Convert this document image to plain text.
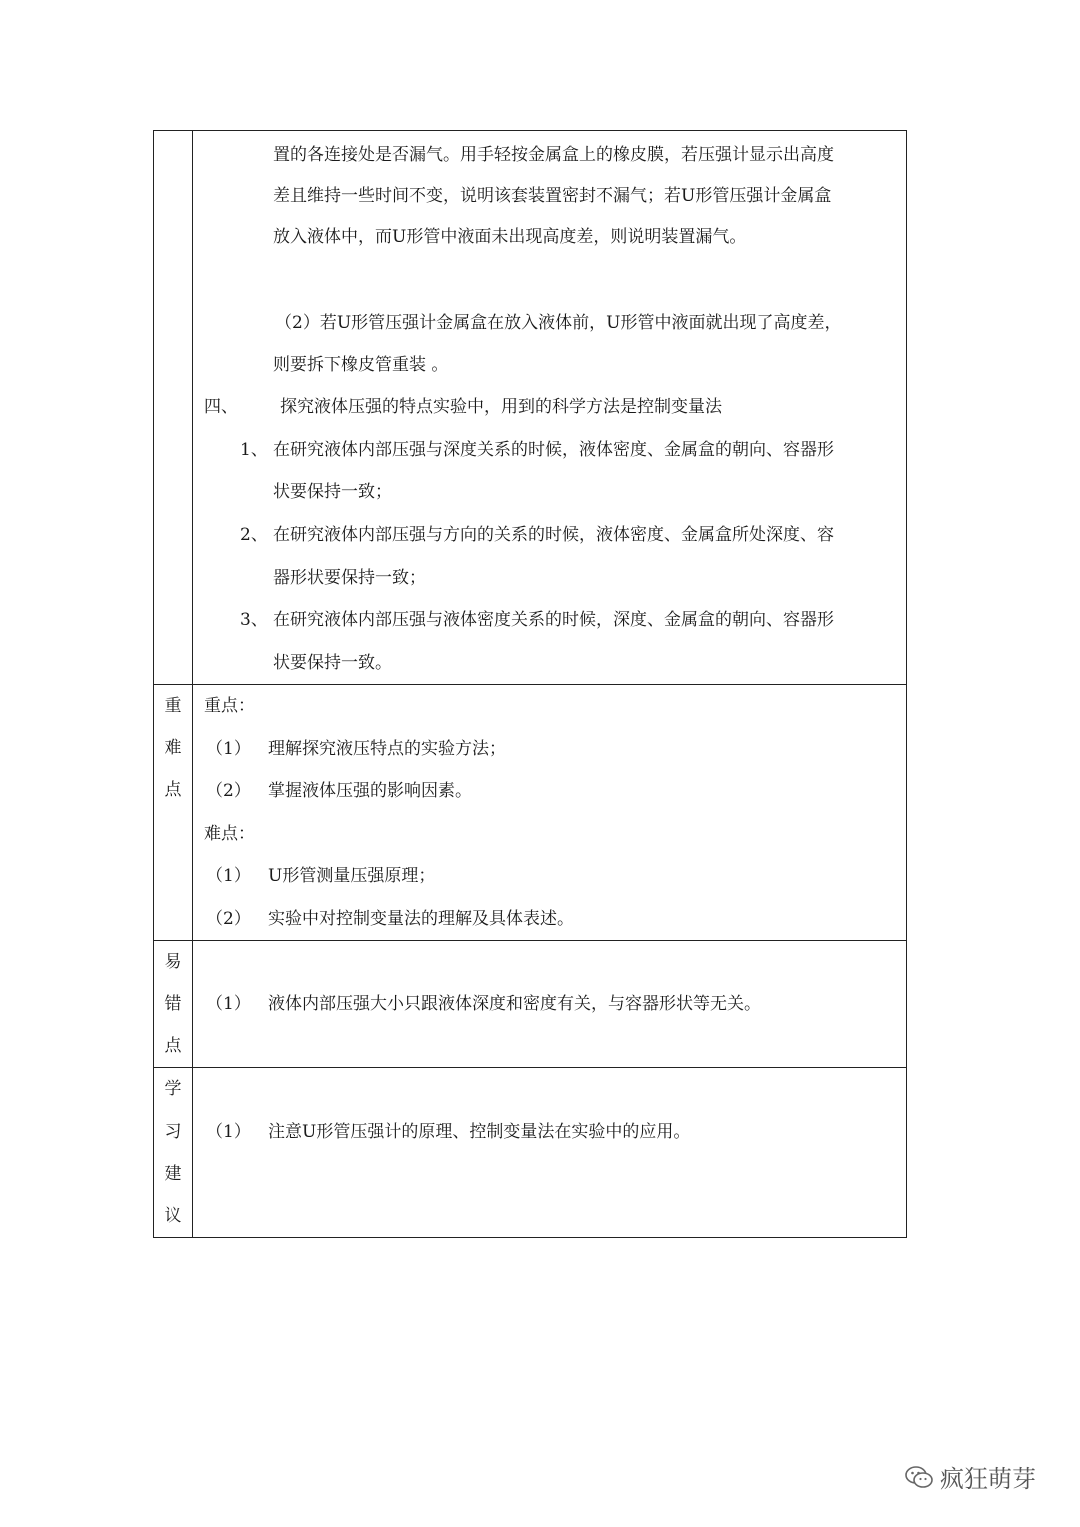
置的各连接处是否漏气。用手轻按金属盒上的橡皮膜，若压强计显示出高度
差且维持一些时间不变，说明该套装置密封不漏气；若U形管压强计金属盒
放入液体中，而U形管中液面未出现高度差，则说明装置漏气。
（2）若U形管压强计金属盒在放入液体前，U形管中液面就出现了高度差，
则要拆下橡皮管重装 。
四、 探究液体压强的特点实验中，用到的科学方法是控制变量法
1、 在研究液体内部压强与深度关系的时候，液体密度、金属盒的朝向、容器形
状要保持一致；
2、 在研究液体内部压强与方向的关系的时候，液体密度、金属盒所处深度、容
器形状要保持一致；
3、 在研究液体内部压强与液体密度关系的时候，深度、金属盒的朝向、容器形
状要保持一致。
重
难
点
重点：
（1） 理解探究液压特点的实验方法；
（2） 掌握液体压强的影响因素。
难点：
（1） U形管测量压强原理；
（2） 实验中对控制变量法的理解及具体表述。
易
错
点
（1） 液体内部压强大小只跟液体深度和密度有关，与容器形状等无关。
学
习
建
议
（1） 注意U形管压强计的原理、控制变量法在实验中的应用。
疯狂萌芽
